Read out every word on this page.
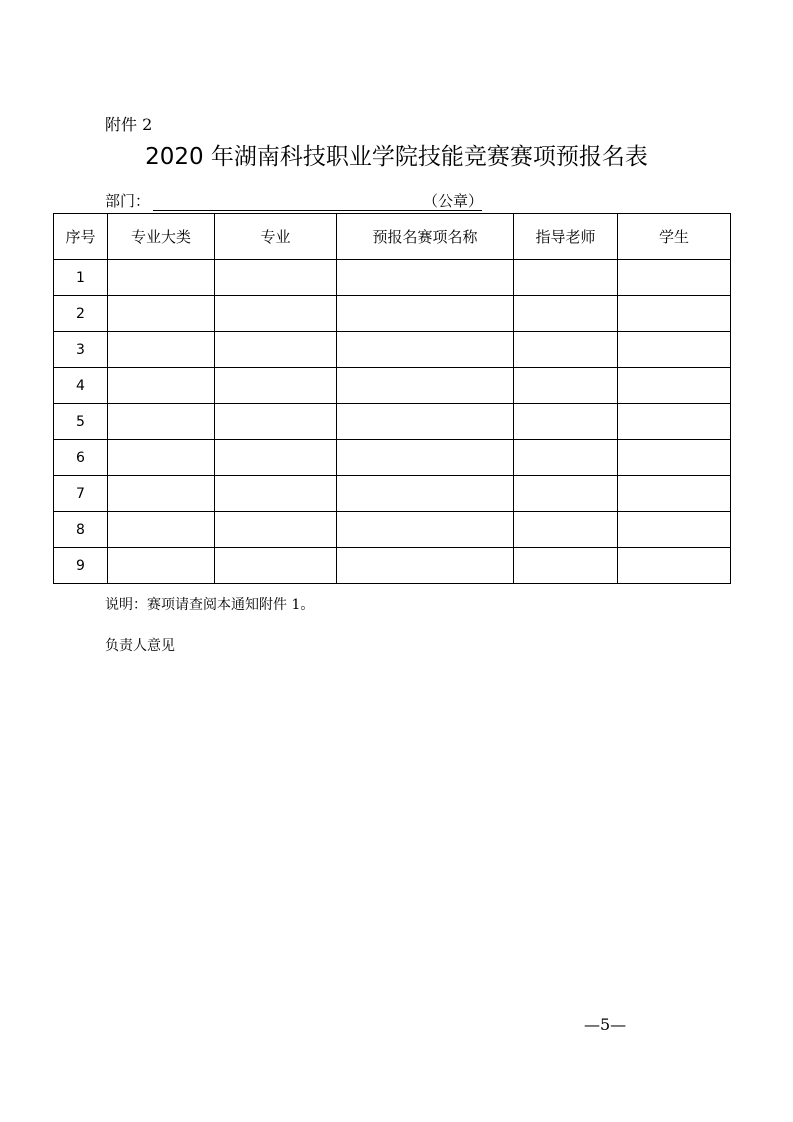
附件 2
2020 年湖南科技职业学院技能竞赛赛项预报名表
部门：	（公章）
序号	专业大类	专业	预报名赛项名称	指导老师	学生
1					
2					
3					
4					
5					
6					
7					
8					
9					
说明：赛项请查阅本通知附件 1。
负责人意见
—5—
